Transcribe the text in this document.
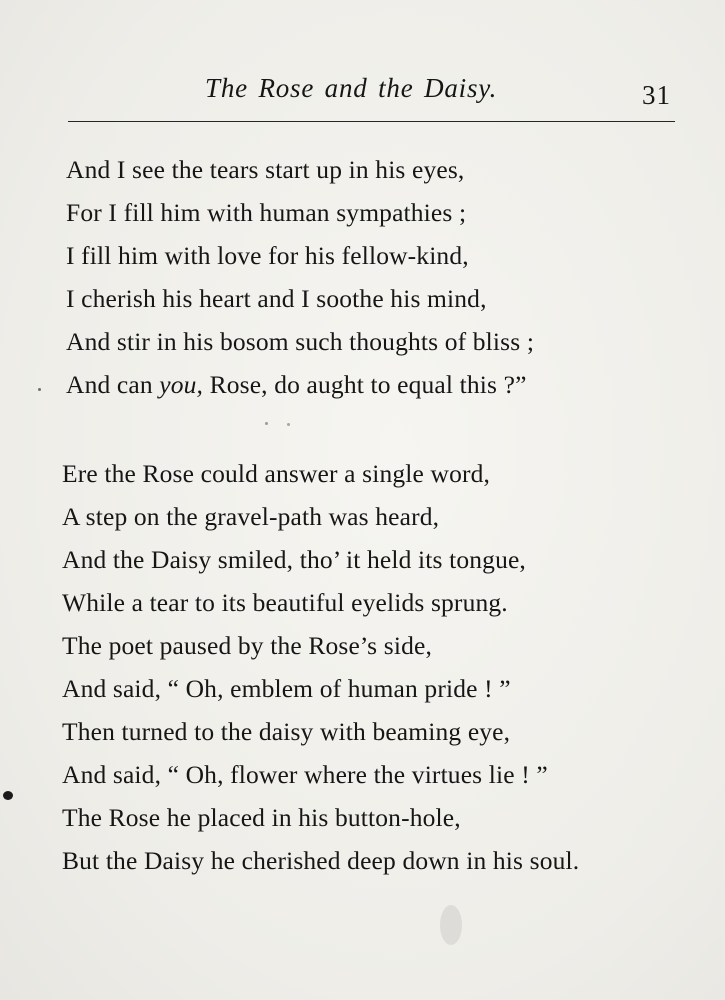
The Rose and the Daisy.	31
And I see the tears start up in his eyes,
For I fill him with human sympathies ;
I fill him with love for his fellow-kind,
I cherish his heart and I soothe his mind,
And stir in his bosom such thoughts of bliss ;
And can you, Rose, do aught to equal this ?”
Ere the Rose could answer a single word,
A step on the gravel-path was heard,
And the Daisy smiled, tho’ it held its tongue,
While a tear to its beautiful eyelids sprung.
The poet paused by the Rose’s side,
And said, “ Oh, emblem of human pride ! ”
Then turned to the daisy with beaming eye,
And said, “ Oh, flower where the virtues lie ! ”
The Rose he placed in his button-hole,
But the Daisy he cherished deep down in his soul.
